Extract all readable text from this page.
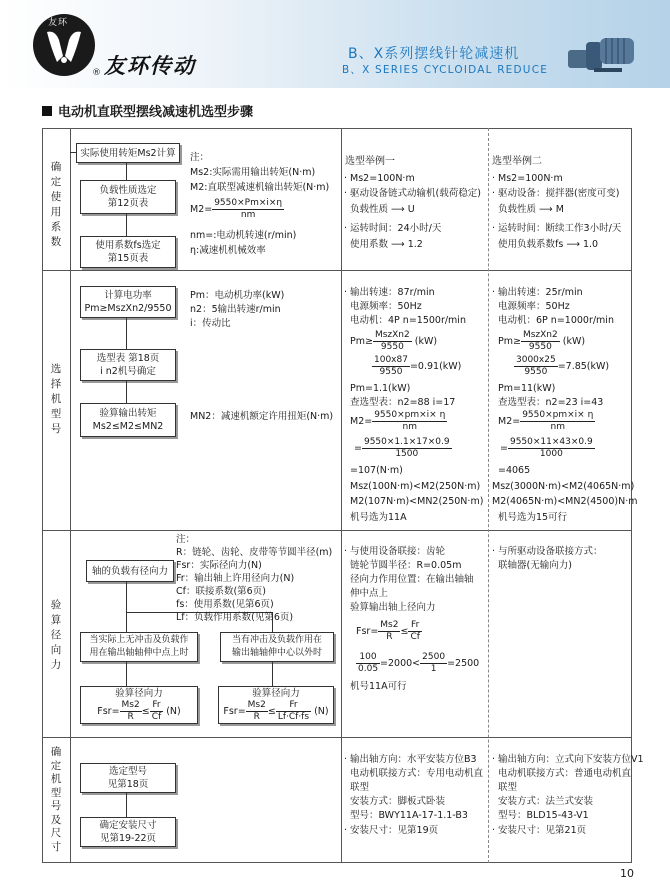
友环
® 友环传动	B、X系列摆线针轮减速机
B、X SERIES CYCLOIDAL REDUCE
电动机直联型摆线减速机选型步骤
选型举例一	选型举例二
确
定
使
用
系
数
实际使用转矩Ms2计算
负载性质选定
第12页表
使用系数fs选定
第15页表
注：
Ms2:实际需用输出转矩(N·m)
M2:直联型减速机输出转矩(N·m)
$M2= \frac{9550\times Pm\times i\times\eta}{nm}$
nm=:电动机转速(r/min)
η:减速机机械效率
· Ms2=100N·m
· 驱动设备链式动输机(载荷稳定)
负载性质 ⟶ U
· 运转时间：24小时/天
使用系数 ⟶ 1.2
· Ms2=100N·m
· 驱动设备：搅拌器(密度可变)
负载性质 ⟶ M
· 运转时间：断续工作3小时/天
使用负载系数fs ⟶ 1.0
选
择
机
型
号
计算电功率
Pm≥MszXn2/9550
选型表 第18页
i n2机号确定
验算输出转矩
Ms2≤M2≤MN2
Pm：电动机功率(kW)
n2：5输出转速r/min
i：传动比
MN2：减速机额定许用扭矩(N·m)
· 输出转速：87r/min
电源频率：50Hz
电动机：4P n=1500r/min
$Pm\ge \frac{\text{MszXn2}}{9550} (kW)$
$\frac{100x87}{9550} =0.91(kW)$
Pm=1.1(kW)
查选型表：n2=88 i=17
$M2= \frac{9550\times pm\times i\times \eta}{nm}$
= $\frac{9550\times 1.1\times 17\times 0.9}{1500}$
=107(N·m)
Msz(100N·m)<M2(250N·m)
M2(107N·m)<MN2(250N·m)
机号选为11A
· 输出转速：25r/min
电源频率：50Hz
电动机：6P n=1000r/min
$Pm\ge \frac{\text{MszXn2}}{9550} (kW)$
$\frac{3000x25}{9550} =7.85(kW)$
Pm=11(kW)
查选型表：n2=23 i=43
$M2= \frac{9550\times pm\times i\times \eta}{nm}$
= $\frac{9550\times 11\times 43\times 0.9}{1000}$
=4065
Msz(3000N·m)<M2(4065N·m)
M2(4065N·m)<MN2(4500)N·m
机号选为15可行
验
算
径
向
力
轴的负载有径向力
当实际上无冲击及负载作
用在输出轴轴伸中点上时
当有冲击及负载作用在
输出轴轴伸中心以外时
验算径向力
$Fsr= \frac{Ms2}{R} \le \frac{Fr}{Cf} (N)$
验算径向力
$Fsr= \frac{Ms2}{R} \le \frac{Fr}{Lf\cdot Cf\cdot fs} (N)$
注：
R：链轮、齿轮、皮带等节圆半径(m)
Fsr：实际径向力(N)
Fr：输出轴上许用径向力(N)
Cf：联接系数(第6页)
fs：使用系数(见第6页)
Lf：负载作用系数(见第6页)
· 与使用设备联接：齿轮
链轮节圆半径：R=0.05m
径向力作用位置：在输出轴轴
伸中点上
验算输出轴上径向力
$Fsr= \frac{Ms2}{R} \le \frac{Fr}{Cf}$
$\frac{100}{0.05} =2000< \frac{2500}{1} =2500$
机号11A可行
· 与所驱动设备联接方式：
联轴器(无输向力)
确
定
机
型
号
及
尺
寸
选定型号
见第18页
确定安装尺寸
见第19-22页
· 输出轴方向：水平安装方位B3
电动机联接方式：专用电动机直
联型
安装方式：脚板式卧装
型号：BWY11A-17-1.1-B3
· 安装尺寸：见第19页
· 输出轴方向：立式向下安装方位V1
电动机联接方式：普通电动机直
联型
安装方式：法兰式安装
型号：BLD15-43-V1
· 安装尺寸：见第21页
10
